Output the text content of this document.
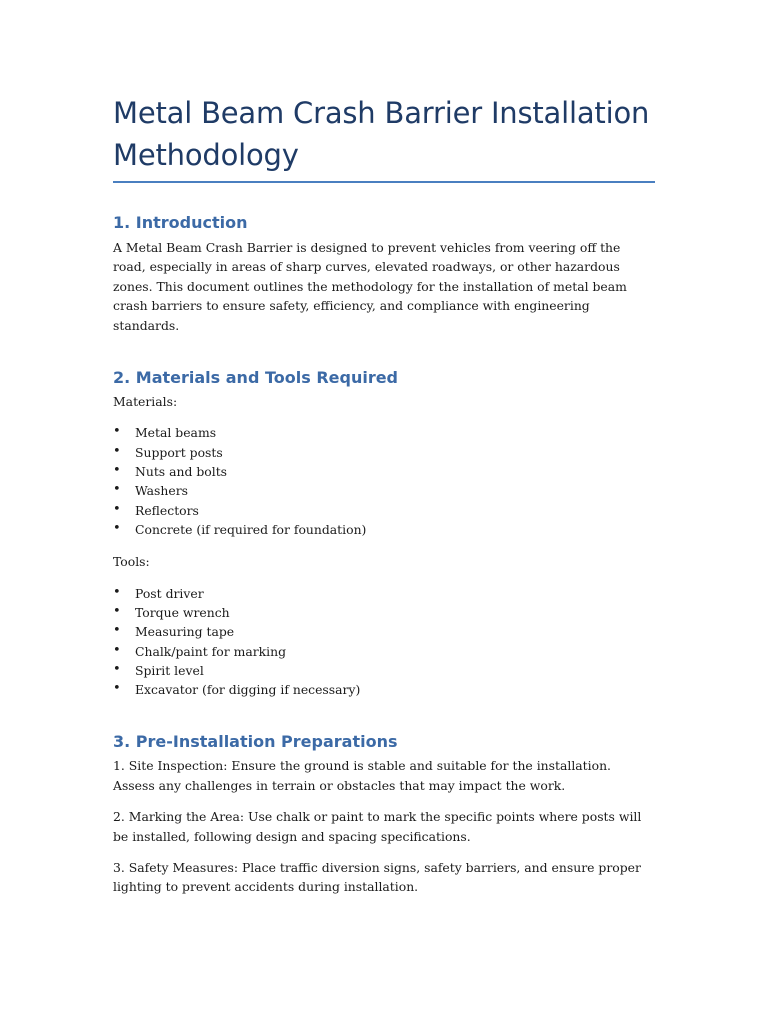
Metal Beam Crash Barrier Installation Methodology
1. Introduction

A Metal Beam Crash Barrier is designed to prevent vehicles from veering off the road, especially in areas of sharp curves, elevated roadways, or other hazardous zones. This document outlines the methodology for the installation of metal beam crash barriers to ensure safety, efficiency, and compliance with engineering standards.

2. Materials and Tools Required

Materials:

• Metal beams
• Support posts
• Nuts and bolts
• Washers
• Reflectors
• Concrete (if required for foundation)

Tools:

• Post driver
• Torque wrench
• Measuring tape
• Chalk/paint for marking
• Spirit level
• Excavator (for digging if necessary)
3. Pre-Installation Preparations

1. Site Inspection: Ensure the ground is stable and suitable for the installation. Assess any challenges in terrain or obstacles that may impact the work.

2. Marking the Area: Use chalk or paint to mark the specific points where posts will be installed, following design and spacing specifications.

3. Safety Measures: Place traffic diversion signs, safety barriers, and ensure proper lighting to prevent accidents during installation.
